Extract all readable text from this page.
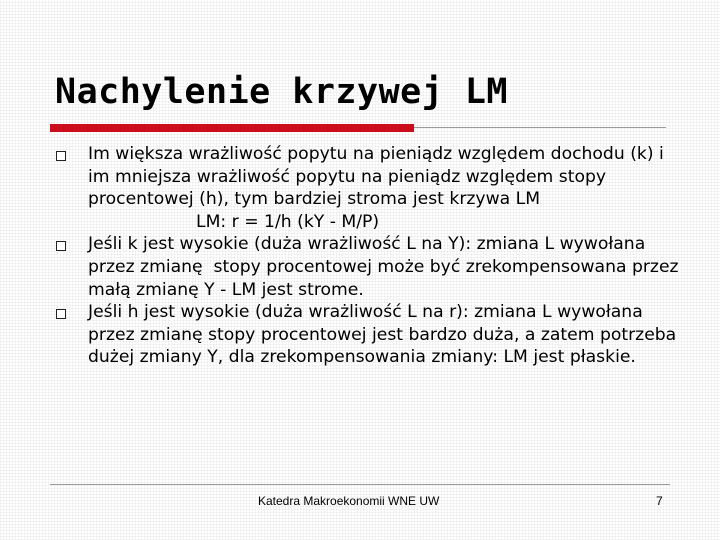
Nachylenie krzywej LM
Im większa wrażliwość popytu na pieniądz względem dochodu (k) i im mniejsza wrażliwość popytu na pieniądz względem stopy procentowej (h), tym bardziej stroma jest krzywa LM
LM: r = 1/h (kY - M/P)
Jeśli k jest wysokie (duża wrażliwość L na Y): zmiana L wywołana przez zmianę  stopy procentowej może być zrekompensowana przez małą zmianę Y - LM jest strome.
Jeśli h jest wysokie (duża wrażliwość L na r): zmiana L wywołana przez zmianę stopy procentowej jest bardzo duża, a zatem potrzeba dużej zmiany Y, dla zrekompensowania zmiany: LM jest płaskie.
Katedra Makroekonomii WNE UW	7
